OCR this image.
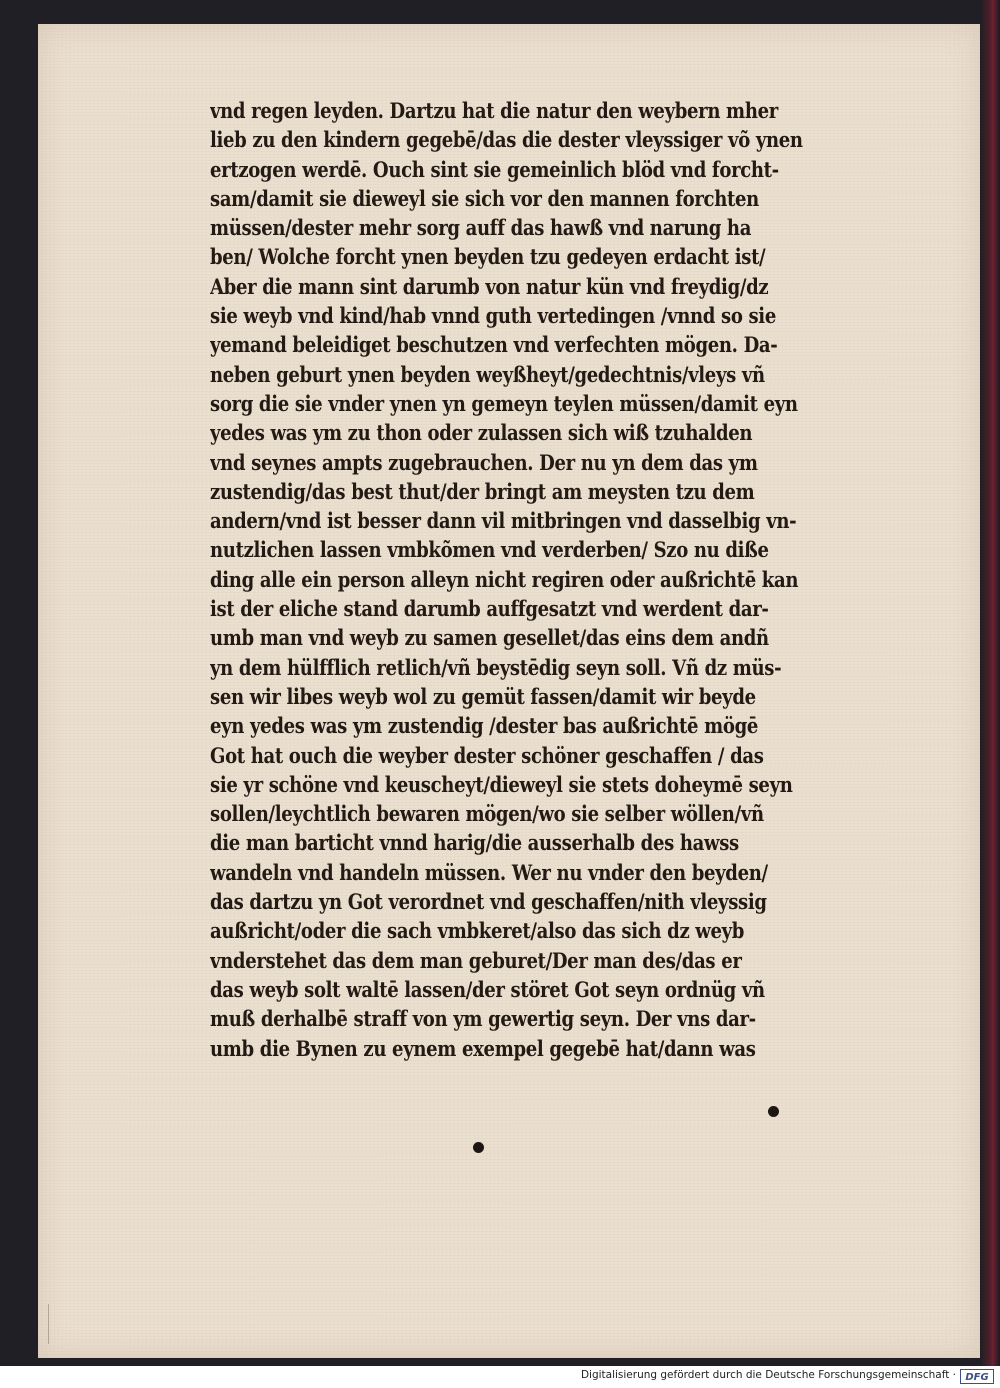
vnd regen leyden. Dartzu hat die natur den weybern mher
lieb zu den kindern gegebē/das die dester vleyssiger võ ynen
ertzogen werdē. Ouch sint sie gemeinlich blöd vnd forcht-
sam/damit sie dieweyl sie sich vor den mannen forchten
müssen/dester mehr sorg auff das hawß vnd narung ha
ben/ Wolche forcht ynen beyden tzu gedeyen erdacht ist/
Aber die mann sint darumb von natur kün vnd freydig/dz
sie weyb vnd kind/hab vnnd guth vertedingen /vnnd so sie
yemand beleidiget beschutzen vnd verfechten mögen. Da-
neben geburt ynen beyden weyßheyt/gedechtnis/vleys vñ
sorg die sie vnder ynen yn gemeyn teylen müssen/damit eyn
yedes was ym zu thon oder zulassen sich wiß tzuhalden
vnd seynes ampts zugebrauchen. Der nu yn dem das ym
zustendig/das best thut/der bringt am meysten tzu dem
andern/vnd ist besser dann vil mitbringen vnd dasselbig vn-
nutzlichen lassen vmbkõmen vnd verderben/ Szo nu diße
ding alle ein person alleyn nicht regiren oder außrichtē kan
ist der eliche stand darumb auffgesatzt vnd werdent dar-
umb man vnd weyb zu samen gesellet/das eins dem andñ
yn dem hülfflich retlich/vñ beystēdig seyn soll. Vñ dz müs-
sen wir libes weyb wol zu gemüt fassen/damit wir beyde
eyn yedes was ym zustendig /dester bas außrichtē mögē
Got hat ouch die weyber dester schöner geschaffen / das
sie yr schöne vnd keuscheyt/dieweyl sie stets doheymē seyn
sollen/leychtlich bewaren mögen/wo sie selber wöllen/vñ
die man barticht vnnd harig/die ausserhalb des hawss
wandeln vnd handeln müssen. Wer nu vnder den beyden/
das dartzu yn Got verordnet vnd geschaffen/nith vleyssig
außricht/oder die sach vmbkeret/also das sich dz weyb
vnderstehet das dem man geburet/Der man des/das er
das weyb solt waltē lassen/der störet Got seyn ordnüg vñ
muß derhalbē straff von ym gewertig seyn. Der vns dar-
umb die Bynen zu eynem exempel gegebē hat/dann was
Digitalisierung gefördert durch die Deutsche Forschungsgemeinschaft · DFG
